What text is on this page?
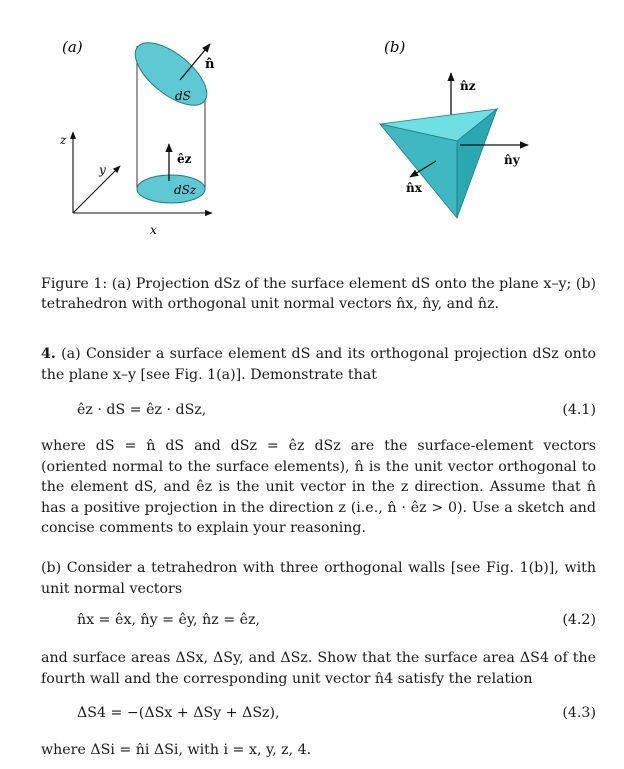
(a)
z
y
x
n̂
dS
êz
dSz
(b)
n̂z
n̂y
n̂x
Figure 1: (a) Projection dSz of the surface element dS onto the plane x–y; (b) tetrahedron with orthogonal unit normal vectors n̂x, n̂y, and n̂z.
4. (a) Consider a surface element dS and its orthogonal projection dSz onto the plane x–y [see Fig. 1(a)]. Demonstrate that
êz · dS = êz · dSz,	(4.1)
where dS = n̂ dS and dSz = êz dSz are the surface-element vectors (oriented normal to the surface elements), n̂ is the unit vector orthogonal to the element dS, and êz is the unit vector in the z direction. Assume that n̂ has a positive projection in the direction z (i.e., n̂ · êz > 0). Use a sketch and concise comments to explain your reasoning.
(b) Consider a tetrahedron with three orthogonal walls [see Fig. 1(b)], with unit normal vectors
n̂x = êx, n̂y = êy, n̂z = êz,	(4.2)
and surface areas ΔSx, ΔSy, and ΔSz. Show that the surface area ΔS4 of the fourth wall and the corresponding unit vector n̂4 satisfy the relation
ΔS4 = −(ΔSx + ΔSy + ΔSz),	(4.3)
where ΔSi = n̂i ΔSi, with i = x, y, z, 4.
